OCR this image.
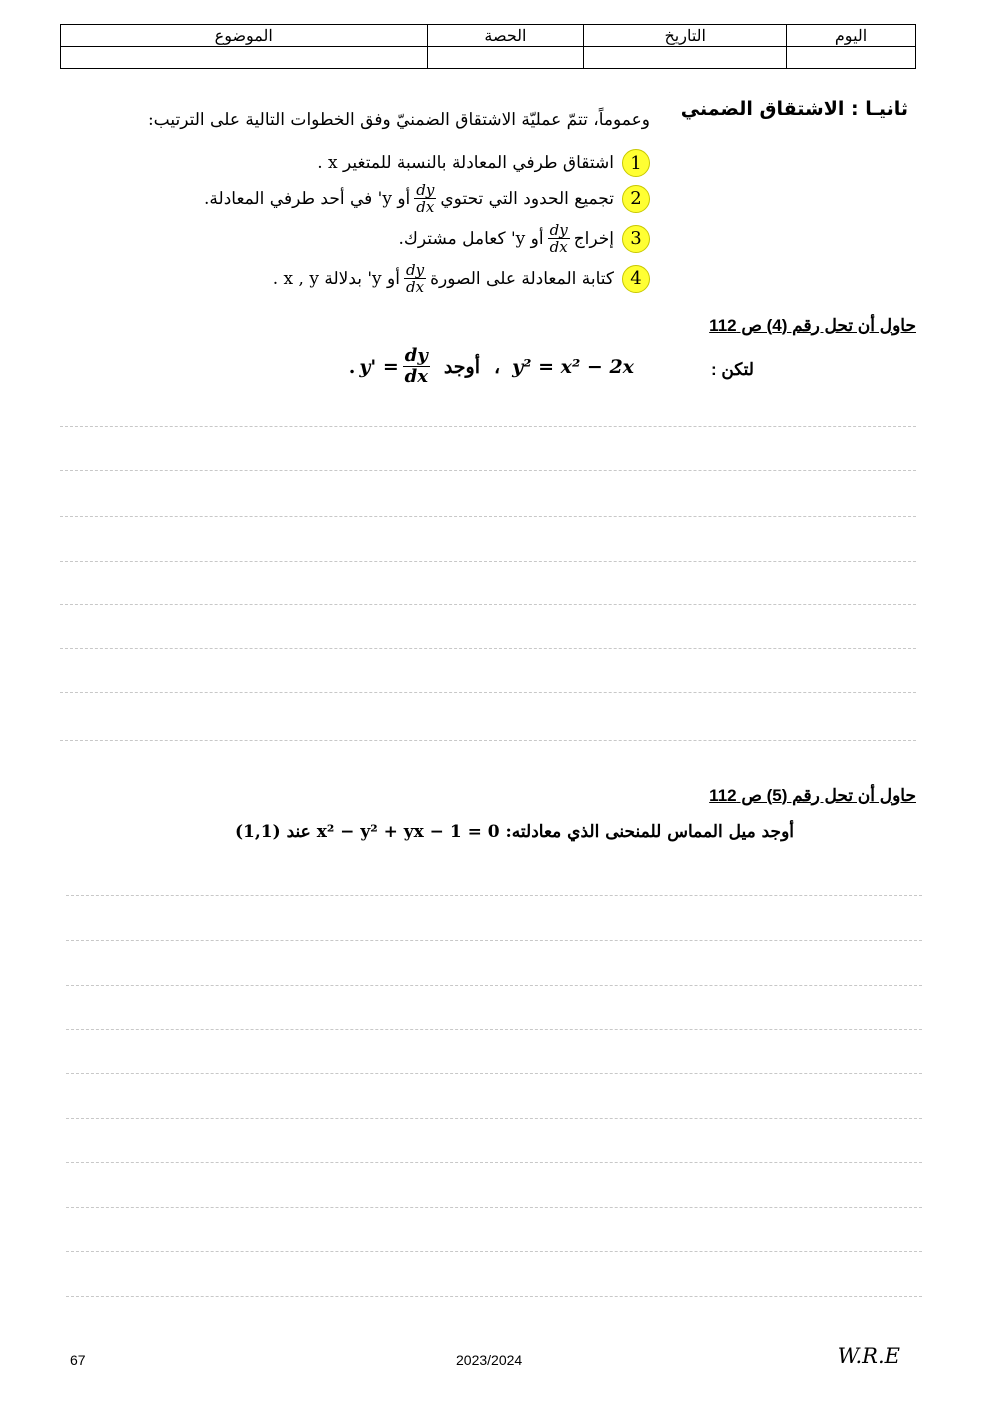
الموضوع	الحصة	التاريخ	اليوم

ثانيـا : الاشتقاق الضمني
وعموماً، تتمّ عمليّة الاشتقاق الضمنيّ وفق الخطوات التالية على الترتيب:
1
اشتقاق طرفي المعادلة بالنسبة للمتغير x .
2
تجميع الحدود التي تحتوي
$\frac{dy}{dx}$
أو y' في أحد طرفي المعادلة.
3
إخراج
$\frac{dy}{dx}$
أو y' كعامل مشترك.
4
كتابة المعادلة على الصورة
$\frac{dy}{dx}$
أو y' بدلالة x , y .
حاول أن تحل رقم (4) ص 112
لتكن :
. $y' = \frac{dy}{dx}$ أوجد ، y² = x² − 2x
حاول أن تحل رقم (5) ص 112
أوجد ميل المماس للمنحنى الذي معادلته: x² − y² + yx − 1 = 0 عند (1,1)
67	2023/2024	W.R.E
